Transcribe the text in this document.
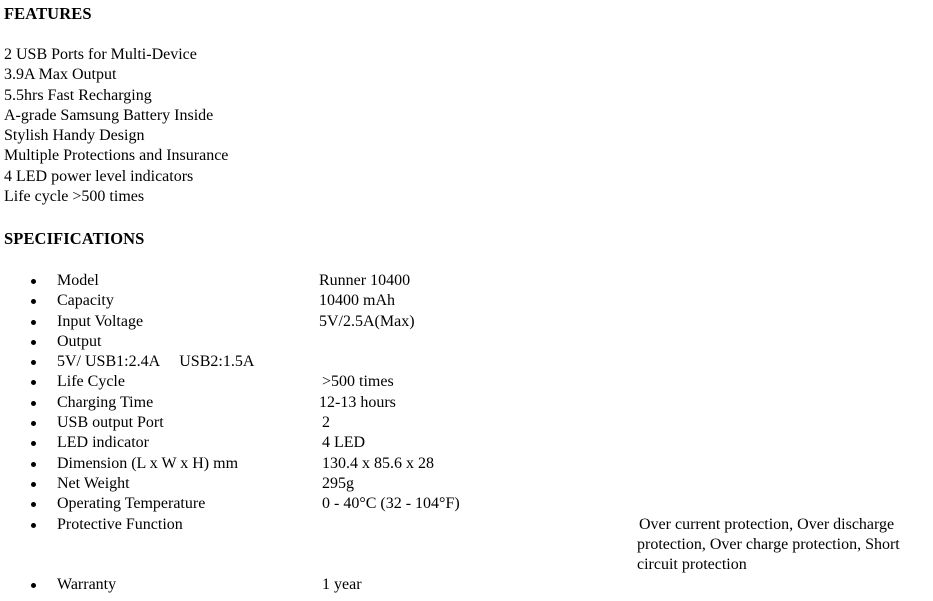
FEATURES
2 USB Ports for Multi-Device
3.9A Max Output
5.5hrs Fast Recharging
A-grade Samsung Battery Inside
Stylish Handy Design
Multiple Protections and Insurance
4 LED power level indicators
Life cycle >500 times
SPECIFICATIONS
Model	Runner 10400
Capacity	10400 mAh
Input Voltage	5V/2.5A(Max)
Output
5V/ USB1:2.4A     USB2:1.5A
Life Cycle	>500 times
Charging Time	12-13 hours
USB output Port	2
LED indicator	4 LED
Dimension (L x W x H) mm	130.4 x 85.6 x 28
Net Weight	295g
Operating Temperature	0 - 40°C (32 - 104°F)
Protective Function	Over current protection, Over discharge protection, Over charge protection, Short circuit protection
Warranty	1 year
